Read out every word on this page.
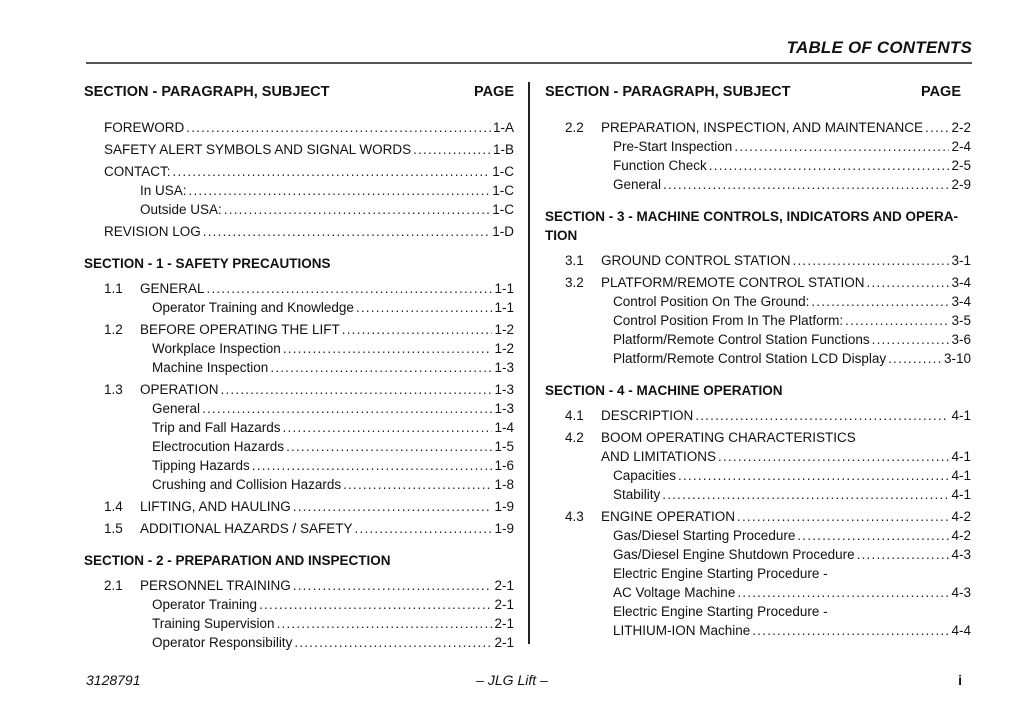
TABLE OF CONTENTS
SECTION - PARAGRAPH, SUBJECT	PAGE
FOREWORD .....	1-A
SAFETY ALERT SYMBOLS AND SIGNAL WORDS .....	1-B
CONTACT: .....	1-C
In USA: .....	1-C
Outside USA: .....	1-C
REVISION LOG .....	1-D
SECTION - 1 - SAFETY PRECAUTIONS
1.1 GENERAL .....	1-1
Operator Training and Knowledge .....	1-1
1.2 BEFORE OPERATING THE LIFT .....	1-2
Workplace Inspection .....	1-2
Machine Inspection .....	1-3
1.3 OPERATION .....	1-3
General .....	1-3
Trip and Fall Hazards .....	1-4
Electrocution Hazards .....	1-5
Tipping Hazards .....	1-6
Crushing and Collision Hazards .....	1-8
1.4 LIFTING, AND HAULING .....	1-9
1.5 ADDITIONAL HAZARDS / SAFETY .....	1-9
SECTION - 2 - PREPARATION AND INSPECTION
2.1 PERSONNEL TRAINING .....	2-1
Operator Training .....	2-1
Training Supervision .....	2-1
Operator Responsibility .....	2-1
SECTION - PARAGRAPH, SUBJECT	PAGE
2.2 PREPARATION, INSPECTION, AND MAINTENANCE ..... 2-2
Pre-Start Inspection .....	2-4
Function Check .....	2-5
General .....	2-9
SECTION - 3 - MACHINE CONTROLS, INDICATORS AND OPERA-TION
3.1 GROUND CONTROL STATION .....	3-1
3.2 PLATFORM/REMOTE CONTROL STATION .....	3-4
Control Position On The Ground: .....	3-4
Control Position From In The Platform: .....	3-5
Platform/Remote Control Station Functions .....	3-6
Platform/Remote Control Station LCD Display .....	3-10
SECTION - 4 - MACHINE OPERATION
4.1 DESCRIPTION .....	4-1
4.2 BOOM OPERATING CHARACTERISTICS
AND LIMITATIONS .....	4-1
Capacities .....	4-1
Stability .....	4-1
4.3 ENGINE OPERATION .....	4-2
Gas/Diesel Starting Procedure .....	4-2
Gas/Diesel Engine Shutdown Procedure .....	4-3
Electric Engine Starting Procedure -
AC Voltage Machine .....	4-3
Electric Engine Starting Procedure -
LITHIUM-ION Machine .....	4-4
3128791	– JLG Lift –	i
